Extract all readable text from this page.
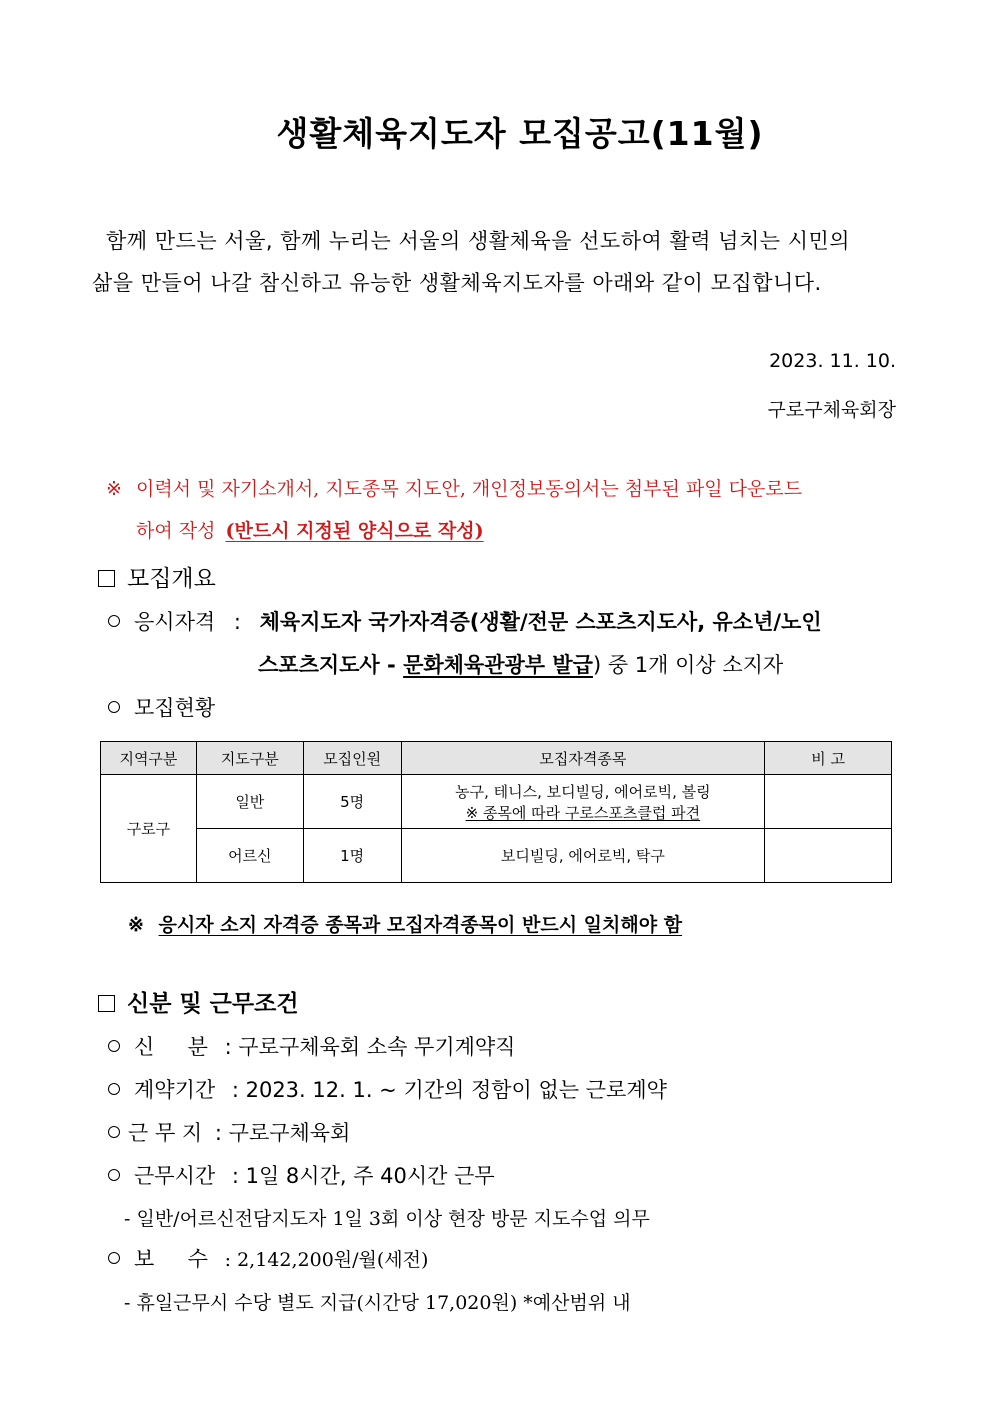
생활체육지도자 모집공고(11월)
함께 만드는 서울, 함께 누리는 서울의 생활체육을 선도하여 활력 넘치는 시민의
삶을 만들어 나갈 참신하고 유능한 생활체육지도자를 아래와 같이 모집합니다.
2023. 11. 10.
구로구체육회장
※ 이력서 및 자기소개서, 지도종목 지도안, 개인정보동의서는 첨부된 파일 다운로드
하여 작성 (반드시 지정된 양식으로 작성)
모집개요
응시자격 : 체육지도자 국가자격증(생활/전문 스포츠지도사, 유소년/노인
스포츠지도사 - 문화체육관광부 발급) 중 1개 이상 소지자
모집현황
지역구분	지도구분	모집인원	모집자격종목	비 고
구로구	일반	5명	농구, 테니스, 보디빌딩, 에어로빅, 볼링
※ 종목에 따라 구로스포츠클럽 파견	

	어르신	1명	보디빌딩, 에어로빅, 탁구	
※ 응시자 소지 자격증 종목과 모집자격종목이 반드시 일치해야 함
신분 및 근무조건
신     분 : 구로구체육회 소속 무기계약직
계약기간 : 2023. 12. 1. ~ 기간의 정함이 없는 근로계약
근 무 지 : 구로구체육회
근무시간 : 1일 8시간, 주 40시간 근무
- 일반/어르신전담지도자 1일 3회 이상 현장 방문 지도수업 의무
보     수 : 2,142,200원/월(세전)
- 휴일근무시 수당 별도 지급(시간당 17,020원) *예산범위 내
